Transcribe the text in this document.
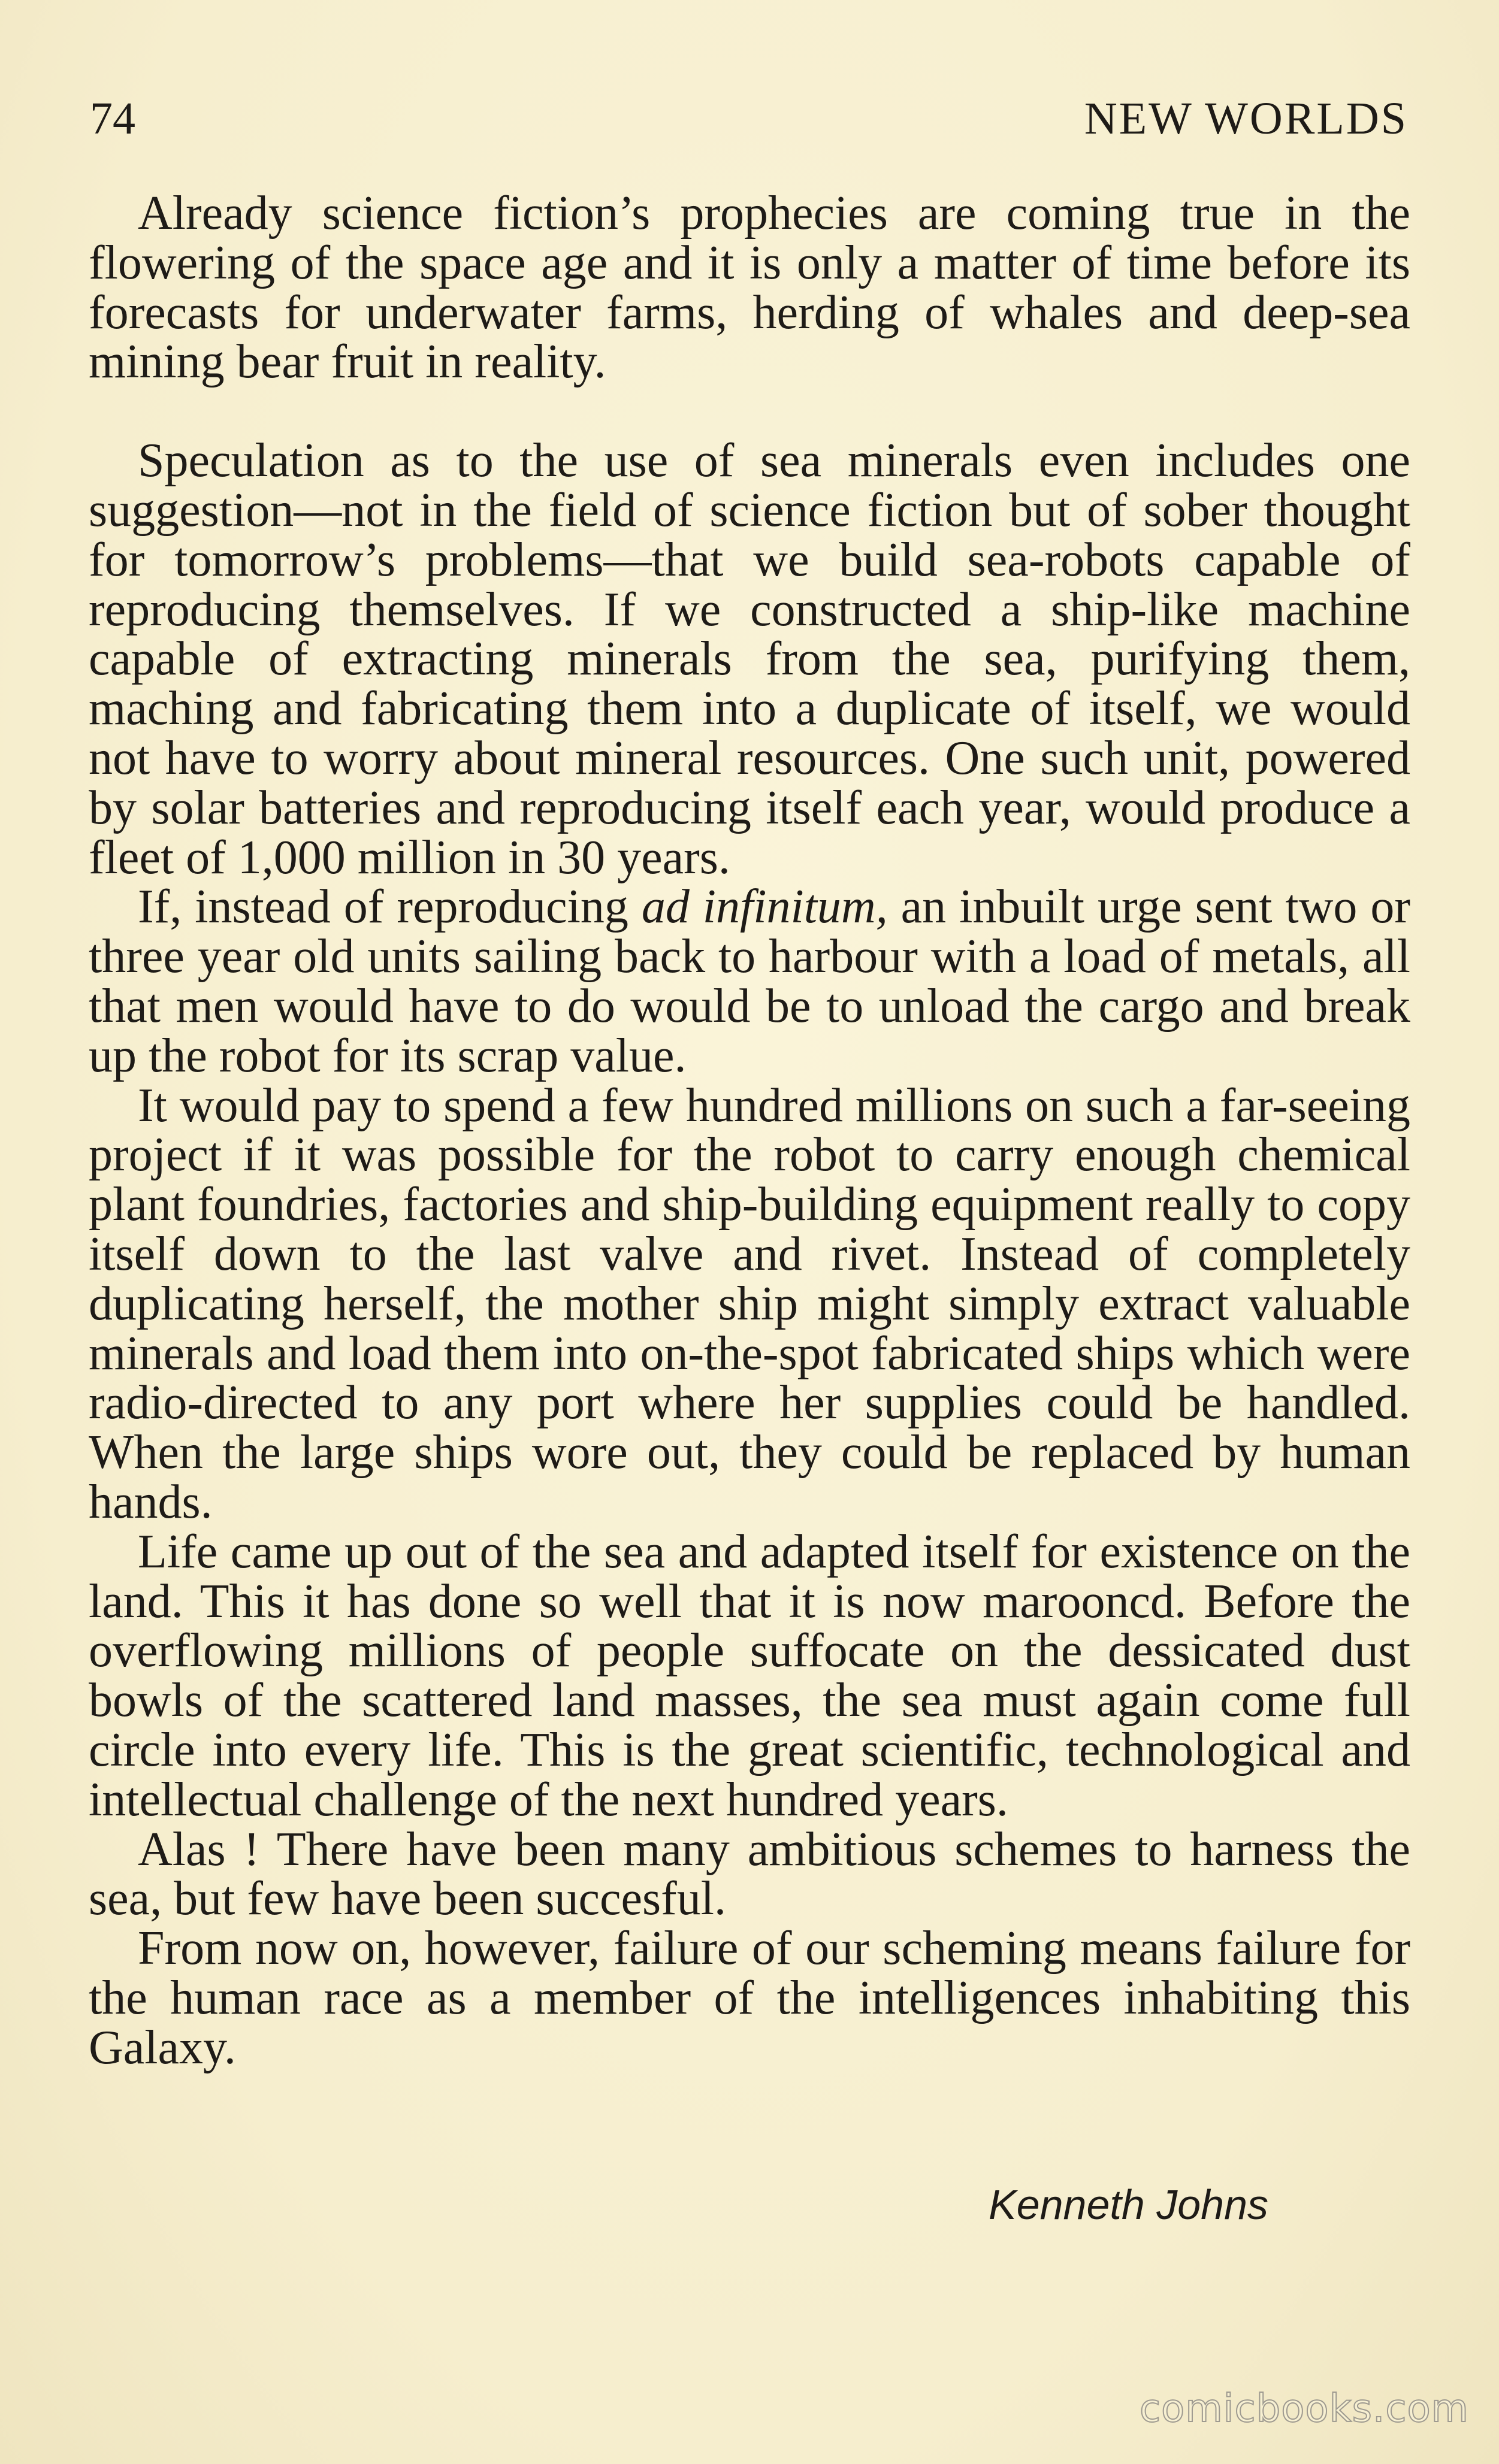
74	NEW WORLDS

Already science fiction’s prophecies are coming true in the flowering of the space age and it is only a matter of time before its forecasts for underwater farms, herding of whales and deep-sea mining bear fruit in reality.

Speculation as to the use of sea minerals even includes one suggestion—not in the field of science fiction but of sober thought for tomorrow’s problems—that we build sea-robots capable of reproducing themselves. If we constructed a ship-like machine capable of extracting minerals from the sea, purifying them, maching and fabricating them into a duplicate of itself, we would not have to worry about mineral resources. One such unit, powered by solar batteries and reproducing itself each year, would produce a fleet of 1,000 million in 30 years.

If, instead of reproducing ad infinitum, an inbuilt urge sent two or three year old units sailing back to harbour with a load of metals, all that men would have to do would be to unload the cargo and break up the robot for its scrap value.

It would pay to spend a few hundred millions on such a far-seeing project if it was possible for the robot to carry enough chemical plant foundries, factories and ship-building equipment really to copy itself down to the last valve and rivet. Instead of completely duplicating herself, the mother ship might simply extract valuable minerals and load them into on-the-spot fabricated ships which were radio-directed to any port where her supplies could be handled. When the large ships wore out, they could be replaced by human hands.

Life came up out of the sea and adapted itself for existence on the land. This it has done so well that it is now marooncd. Before the overflowing millions of people suffocate on the dessicated dust bowls of the scattered land masses, the sea must again come full circle into every life. This is the great scientific, technological and intellectual challenge of the next hundred years.

Alas ! There have been many ambitious schemes to harness the sea, but few have been succesful.

From now on, however, failure of our scheming means failure for the human race as a member of the intelligences inhabiting this Galaxy.

Kenneth Johns
comicbooks.com
